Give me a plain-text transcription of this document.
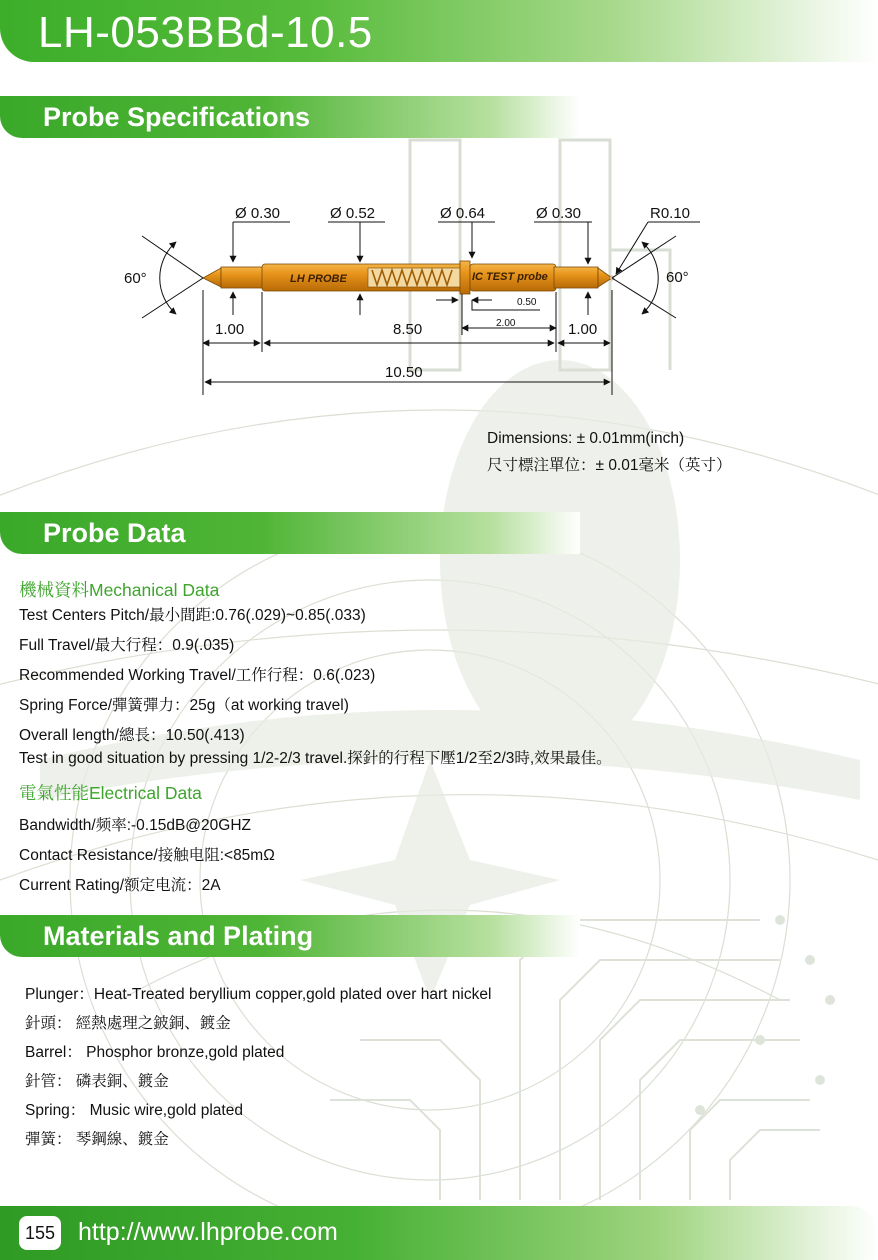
LH-053BBd-10.5
Probe Specifications
LH PROBE	IC TEST probe
Ø 0.30	Ø 0.52	Ø 0.64	Ø 0.30	R0.10
60°	60°
1.00	8.50	1.00
10.50
0.50
2.00
Dimensions: ± 0.01mm(inch)
尺寸標注單位：± 0.01毫米（英寸）
Probe Data
機械資料Mechanical Data
Test Centers Pitch/最小間距:0.76(.029)~0.85(.033)
Full Travel/最大行程：0.9(.035)
Recommended Working Travel/工作行程：0.6(.023)
Spring Force/彈簧彈力：25g（at working travel)
Overall length/總長：10.50(.413)
Test in good situation by pressing 1/2-2/3 travel.探針的行程下壓1/2至2/3時,效果最佳。
電氣性能Electrical Data
Bandwidth/频率:-0.15dB@20GHZ
Contact Resistance/接触电阻:<85mΩ
Current Rating/额定电流：2A
Materials and Plating
Plunger：Heat-Treated beryllium copper,gold plated over hart nickel
針頭： 經熱處理之鈹銅、鍍金
Barrel： Phosphor bronze,gold plated
針管： 磷表銅、鍍金
Spring： Music wire,gold plated
彈簧： 琴鋼線、鍍金
155 http://www.lhprobe.com
